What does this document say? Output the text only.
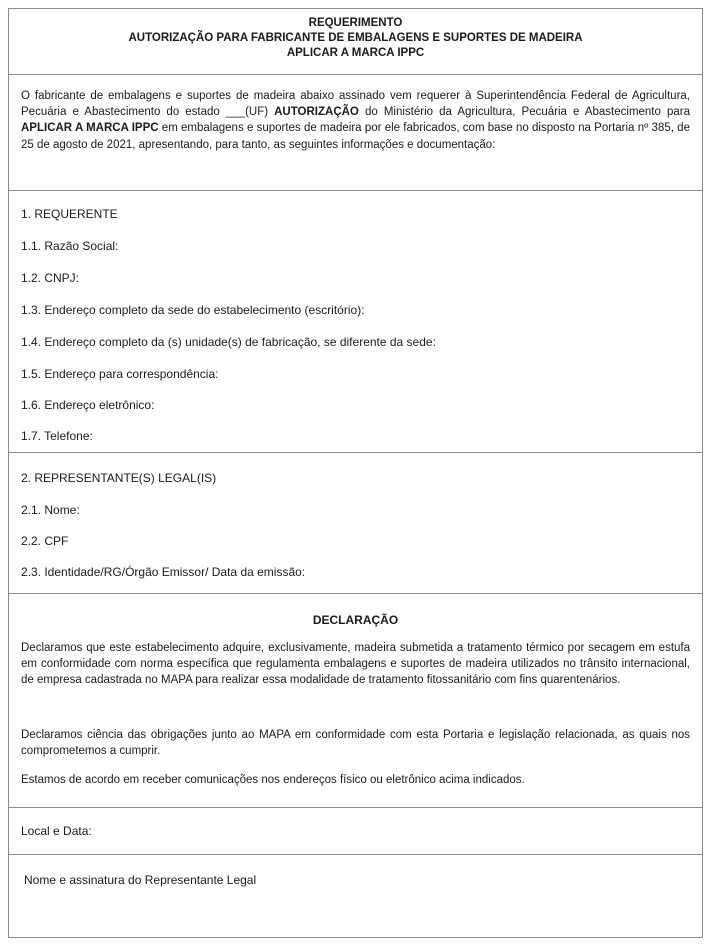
REQUERIMENTO
AUTORIZAÇÃO PARA FABRICANTE DE EMBALAGENS E SUPORTES DE MADEIRA
APLICAR A MARCA IPPC
O fabricante de embalagens e suportes de madeira abaixo assinado vem requerer à Superintendência Federal de Agricultura, Pecuária e Abastecimento do estado ___(UF) AUTORIZAÇÃO do Ministério da Agricultura, Pecuária e Abastecimento para APLICAR A MARCA IPPC em embalagens e suportes de madeira por ele fabricados, com base no disposto na Portaria nº 385, de 25 de agosto de 2021, apresentando, para tanto, as seguintes informações e documentação:
1. REQUERENTE
1.1. Razão Social:
1.2. CNPJ:
1.3. Endereço completo da sede do estabelecimento (escritório):
1.4. Endereço completo da (s) unidade(s) de fabricação, se diferente da sede:
1.5. Endereço para correspondência:
1.6. Endereço eletrônico:
1.7. Telefone:
2. REPRESENTANTE(S) LEGAL(IS)
2.1. Nome:
2.2. CPF
2.3. Identidade/RG/Órgão Emissor/ Data da emissão:
DECLARAÇÃO
Declaramos que este estabelecimento adquire, exclusivamente, madeira submetida a tratamento térmico por secagem em estufa em conformidade com norma específica que regulamenta embalagens e suportes de madeira utilizados no trânsito internacional, de empresa cadastrada no MAPA para realizar essa modalidade de tratamento fitossanitário com fins quarentenários.
Declaramos ciência das obrigações junto ao MAPA em conformidade com esta Portaria e legislação relacionada, as quais nos comprometemos a cumprir.
Estamos de acordo em receber comunicações nos endereços físico ou eletrônico acima indicados.
Local e Data:
Nome e assinatura do Representante Legal
